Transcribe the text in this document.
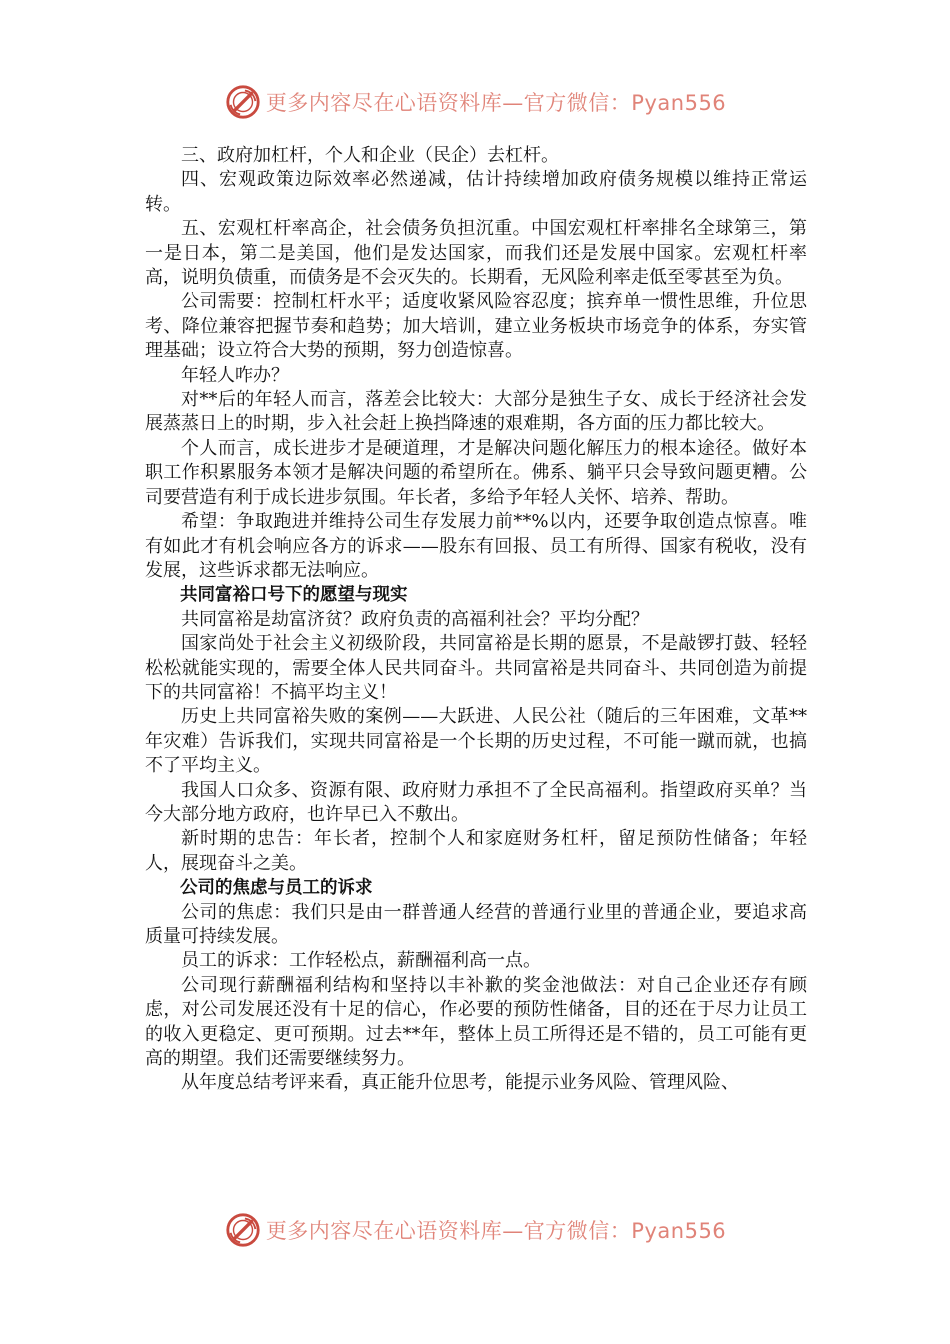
更多内容尽在心语资料库—官方微信：Pyan556

三、政府加杠杆，个人和企业（民企）去杠杆。

四、宏观政策边际效率必然递减，估计持续增加政府债务规模以维持正常运转。

五、宏观杠杆率高企，社会债务负担沉重。中国宏观杠杆率排名全球第三，第一是日本，第二是美国，他们是发达国家，而我们还是发展中国家。宏观杠杆率高，说明负债重，而债务是不会灭失的。长期看，无风险利率走低至零甚至为负。

公司需要：控制杠杆水平；适度收紧风险容忍度；摈弃单一惯性思维，升位思考、降位兼容把握节奏和趋势；加大培训，建立业务板块市场竞争的体系，夯实管理基础；设立符合大势的预期，努力创造惊喜。

年轻人咋办？

对**后的年轻人而言，落差会比较大：大部分是独生子女、成长于经济社会发展蒸蒸日上的时期，步入社会赶上换挡降速的艰难期，各方面的压力都比较大。

个人而言，成长进步才是硬道理，才是解决问题化解压力的根本途径。做好本职工作积累服务本领才是解决问题的希望所在。佛系、躺平只会导致问题更糟。公司要营造有利于成长进步氛围。年长者，多给予年轻人关怀、培养、帮助。

希望：争取跑进并维持公司生存发展力前**%以内，还要争取创造点惊喜。唯有如此才有机会响应各方的诉求——股东有回报、员工有所得、国家有税收，没有发展，这些诉求都无法响应。

共同富裕口号下的愿望与现实

共同富裕是劫富济贫？政府负责的高福利社会？平均分配？

国家尚处于社会主义初级阶段，共同富裕是长期的愿景，不是敲锣打鼓、轻轻松松就能实现的，需要全体人民共同奋斗。共同富裕是共同奋斗、共同创造为前提下的共同富裕！不搞平均主义！

历史上共同富裕失败的案例——大跃进、人民公社（随后的三年困难，文革**年灾难）告诉我们，实现共同富裕是一个长期的历史过程，不可能一蹴而就，也搞不了平均主义。

我国人口众多、资源有限、政府财力承担不了全民高福利。指望政府买单？当今大部分地方政府，也许早已入不敷出。

新时期的忠告：年长者，控制个人和家庭财务杠杆，留足预防性储备；年轻人，展现奋斗之美。

公司的焦虑与员工的诉求

公司的焦虑：我们只是由一群普通人经营的普通行业里的普通企业，要追求高质量可持续发展。

员工的诉求：工作轻松点，薪酬福利高一点。

公司现行薪酬福利结构和坚持以丰补歉的奖金池做法：对自己企业还存有顾虑，对公司发展还没有十足的信心，作必要的预防性储备，目的还在于尽力让员工的收入更稳定、更可预期。过去**年，整体上员工所得还是不错的，员工可能有更高的期望。我们还需要继续努力。

从年度总结考评来看，真正能升位思考，能提示业务风险、管理风险、

更多内容尽在心语资料库—官方微信：Pyan556
